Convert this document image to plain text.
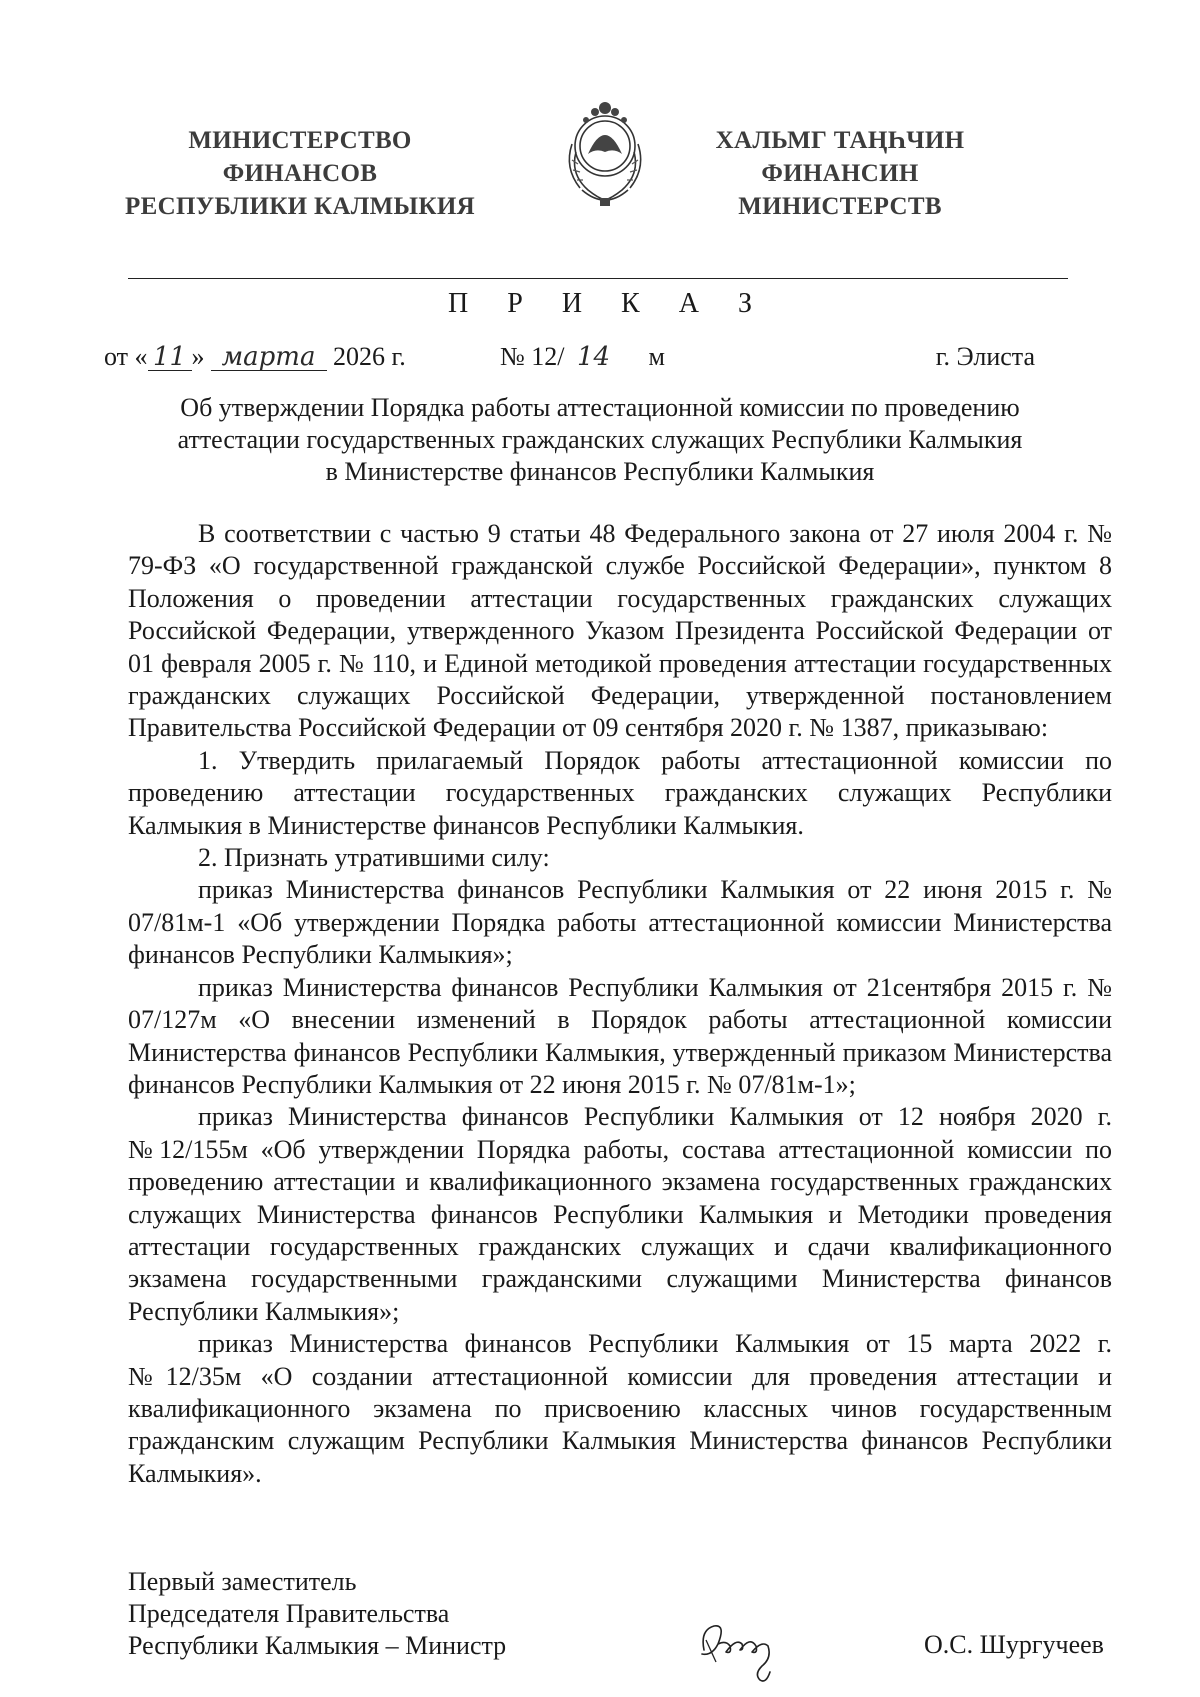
МИНИСТЕРСТВО ФИНАНСОВ
РЕСПУБЛИКИ КАЛМЫКИЯ
ХАЛЬМГ ТАҢҺЧИН
ФИНАНСИН МИНИСТЕРСТВ
П Р И К А З
от « 11 » марта 2026 г.	№ 12/ 14 м	г. Элиста
Об утверждении Порядка работы аттестационной комиссии по проведению
аттестации государственных гражданских служащих Республики Калмыкия
в Министерстве финансов Республики Калмыкия

В соответствии с частью 9 статьи 48 Федерального закона от 27 июля 2004 г. № 79-ФЗ «О государственной гражданской службе Российской Федерации», пунктом 8 Положения о проведении аттестации государственных гражданских служащих Российской Федерации, утвержденного Указом Президента Российской Федерации от 01 февраля 2005 г. № 110, и Единой методикой проведения аттестации государственных гражданских служащих Российской Федерации, утвержденной постановлением Правительства Российской Федерации от 09 сентября 2020 г. № 1387, приказываю:

1. Утвердить прилагаемый Порядок работы аттестационной комиссии по проведению аттестации государственных гражданских служащих Республики Калмыкия в Министерстве финансов Республики Калмыкия.

2. Признать утратившими силу:

приказ Министерства финансов Республики Калмыкия от 22 июня 2015 г. № 07/81м-1 «Об утверждении Порядка работы аттестационной комиссии Министерства финансов Республики Калмыкия»;

приказ Министерства финансов Республики Калмыкия от 21сентября 2015 г. № 07/127м «О внесении изменений в Порядок работы аттестационной комиссии Министерства финансов Республики Калмыкия, утвержденный приказом Министерства финансов Республики Калмыкия от 22 июня 2015 г. № 07/81м-1»;

приказ Министерства финансов Республики Калмыкия от 12 ноября 2020 г. №12/155м «Об утверждении Порядка работы, состава аттестационной комиссии по проведению аттестации и квалификационного экзамена государственных гражданских служащих Министерства финансов Республики Калмыкия и Методики проведения аттестации государственных гражданских служащих и сдачи квалификационного экзамена государственными гражданскими служащими Министерства финансов Республики Калмыкия»;

приказ Министерства финансов Республики Калмыкия от 15 марта 2022 г. №12/35м «О создании аттестационной комиссии для проведения аттестации и квалификационного экзамена по присвоению классных чинов государственным гражданским служащим Республики Калмыкия Министерства финансов Республики Калмыкия».

Первый заместитель
Председателя Правительства
Республики Калмыкия – Министр	О.С. Шургучеев
